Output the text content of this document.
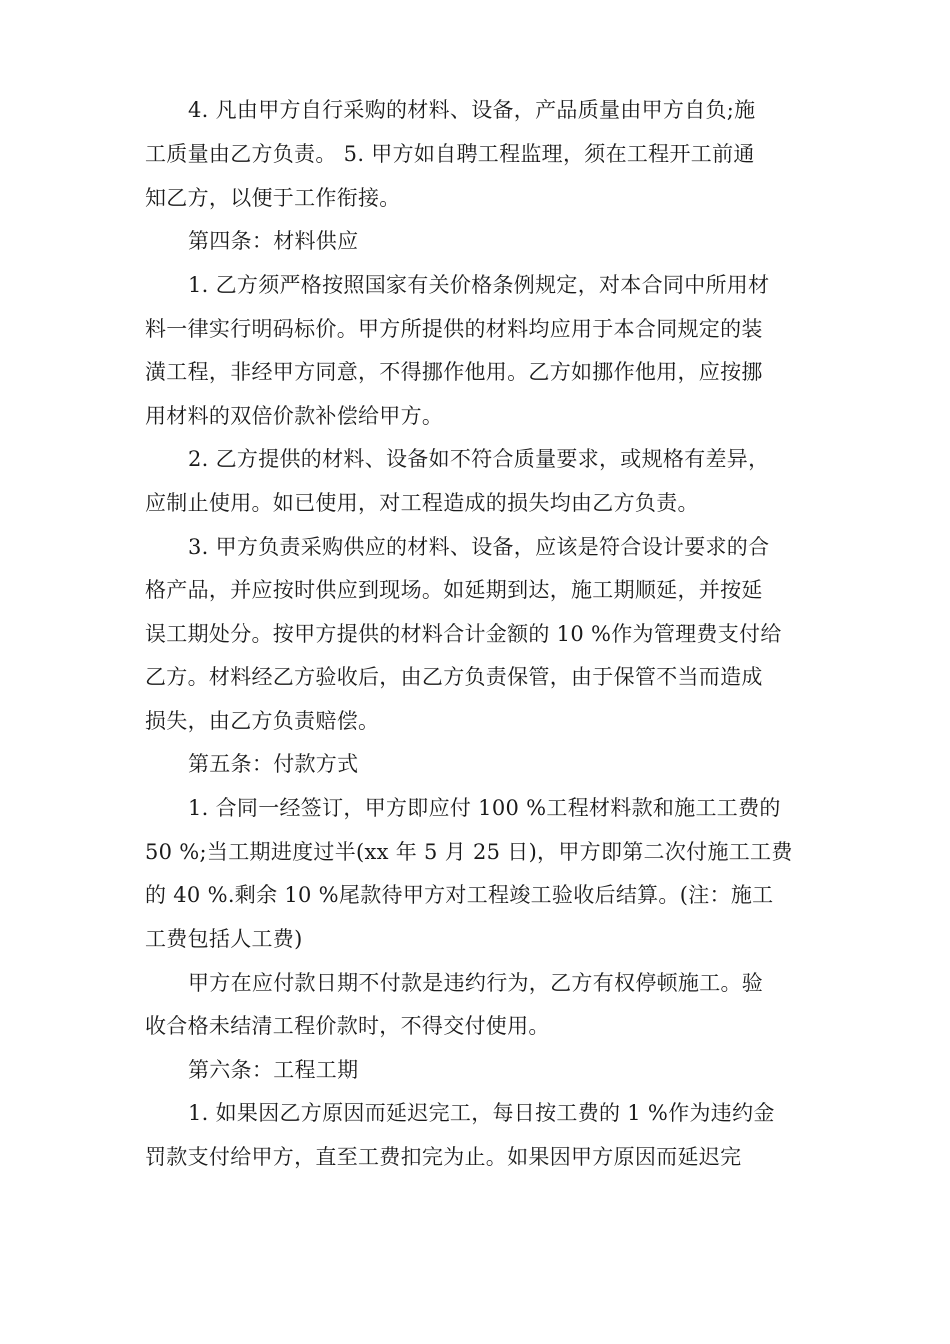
4. 凡由甲方自行采购的材料、设备，产品质量由甲方自负;施
工质量由乙方负责。 5. 甲方如自聘工程监理，须在工程开工前通
知乙方，以便于工作衔接。
第四条：材料供应
1. 乙方须严格按照国家有关价格条例规定，对本合同中所用材
料一律实行明码标价。甲方所提供的材料均应用于本合同规定的装
潢工程，非经甲方同意，不得挪作他用。乙方如挪作他用，应按挪
用材料的双倍价款补偿给甲方。
2. 乙方提供的材料、设备如不符合质量要求，或规格有差异，
应制止使用。如已使用，对工程造成的损失均由乙方负责。
3. 甲方负责采购供应的材料、设备，应该是符合设计要求的合
格产品，并应按时供应到现场。如延期到达，施工期顺延，并按延
误工期处分。按甲方提供的材料合计金额的 10 %作为管理费支付给
乙方。材料经乙方验收后，由乙方负责保管，由于保管不当而造成
损失，由乙方负责赔偿。
第五条：付款方式
1. 合同一经签订，甲方即应付 100 %工程材料款和施工工费的
50 %;当工期进度过半(xx 年 5 月 25 日)，甲方即第二次付施工工费
的 40 %.剩余 10 %尾款待甲方对工程竣工验收后结算。(注：施工
工费包括人工费)
甲方在应付款日期不付款是违约行为，乙方有权停顿施工。验
收合格未结清工程价款时，不得交付使用。
第六条：工程工期
1. 如果因乙方原因而延迟完工，每日按工费的 1 %作为违约金
罚款支付给甲方，直至工费扣完为止。如果因甲方原因而延迟完
